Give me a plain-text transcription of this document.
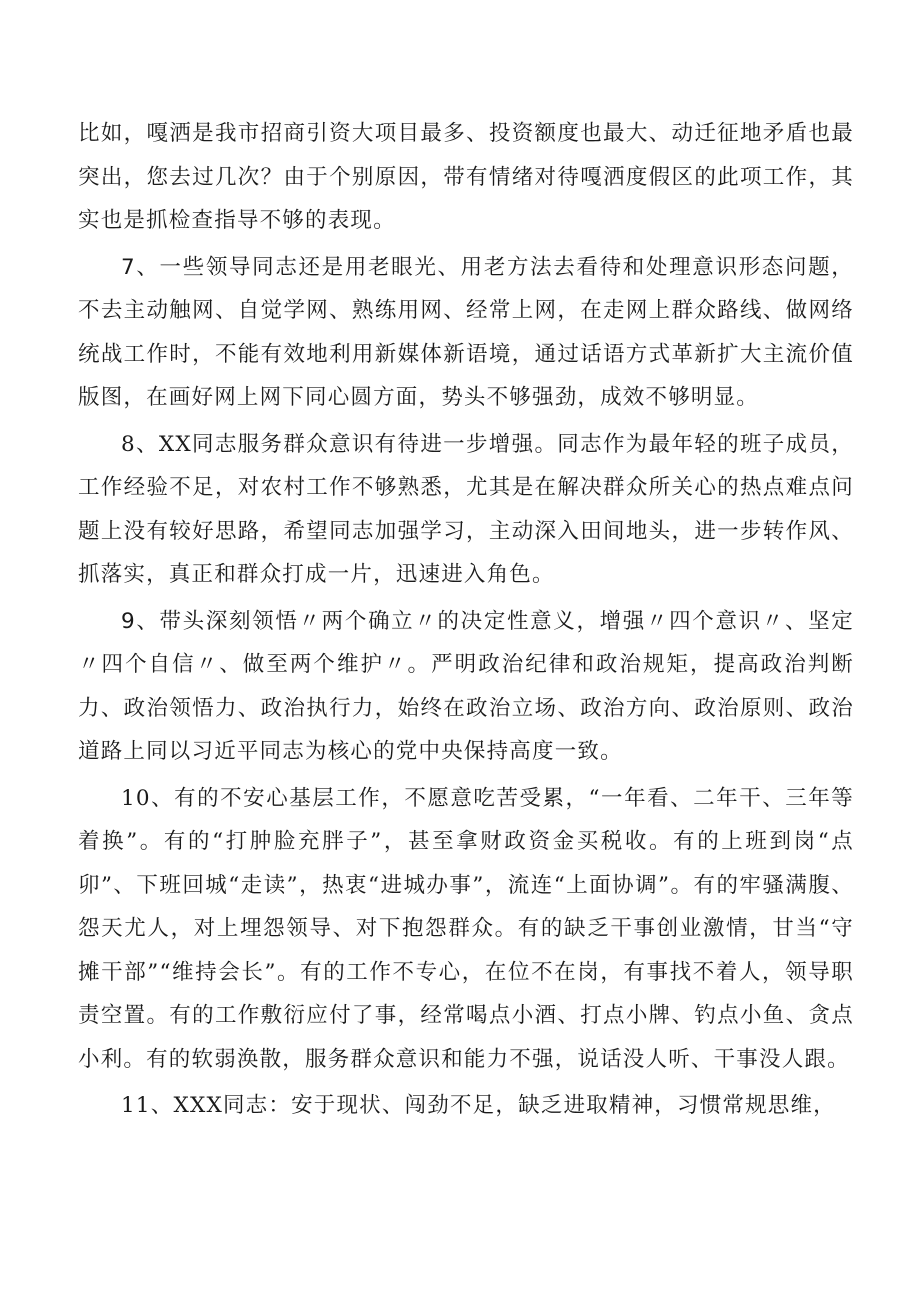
比如，嘎洒是我市招商引资大项目最多、投资额度也最大、动迁征地矛盾也最突出，您去过几次？由于个别原因，带有情绪对待嘎洒度假区的此项工作，其实也是抓检查指导不够的表现。

7、一些领导同志还是用老眼光、用老方法去看待和处理意识形态问题，不去主动触网、自觉学网、熟练用网、经常上网，在走网上群众路线、做网络统战工作时，不能有效地利用新媒体新语境，通过话语方式革新扩大主流价值版图，在画好网上网下同心圆方面，势头不够强劲，成效不够明显。

8、XX同志服务群众意识有待进一步增强。同志作为最年轻的班子成员，工作经验不足，对农村工作不够熟悉，尤其是在解决群众所关心的热点难点问题上没有较好思路，希望同志加强学习，主动深入田间地头，进一步转作风、抓落实，真正和群众打成一片，迅速进入角色。

9、带头深刻领悟〃两个确立〃的决定性意义，增强〃四个意识〃、坚定〃四个自信〃、做至两个维护〃。严明政治纪律和政治规矩，提高政治判断力、政治领悟力、政治执行力，始终在政治立场、政治方向、政治原则、政治道路上同以习近平同志为核心的党中央保持高度一致。

10、有的不安心基层工作，不愿意吃苦受累，“一年看、二年干、三年等着换”。有的“打肿脸充胖子”，甚至拿财政资金买税收。有的上班到岗“点卯”、下班回城“走读”，热衷“进城办事”，流连“上面协调”。有的牢骚满腹、怨天尤人，对上埋怨领导、对下抱怨群众。有的缺乏干事创业激情，甘当“守摊干部”“维持会长”。有的工作不专心，在位不在岗，有事找不着人，领导职责空置。有的工作敷衍应付了事，经常喝点小酒、打点小牌、钓点小鱼、贪点小利。有的软弱涣散，服务群众意识和能力不强，说话没人听、干事没人跟。

11、XXX同志：安于现状、闯劲不足，缺乏进取精神，习惯常规思维，
